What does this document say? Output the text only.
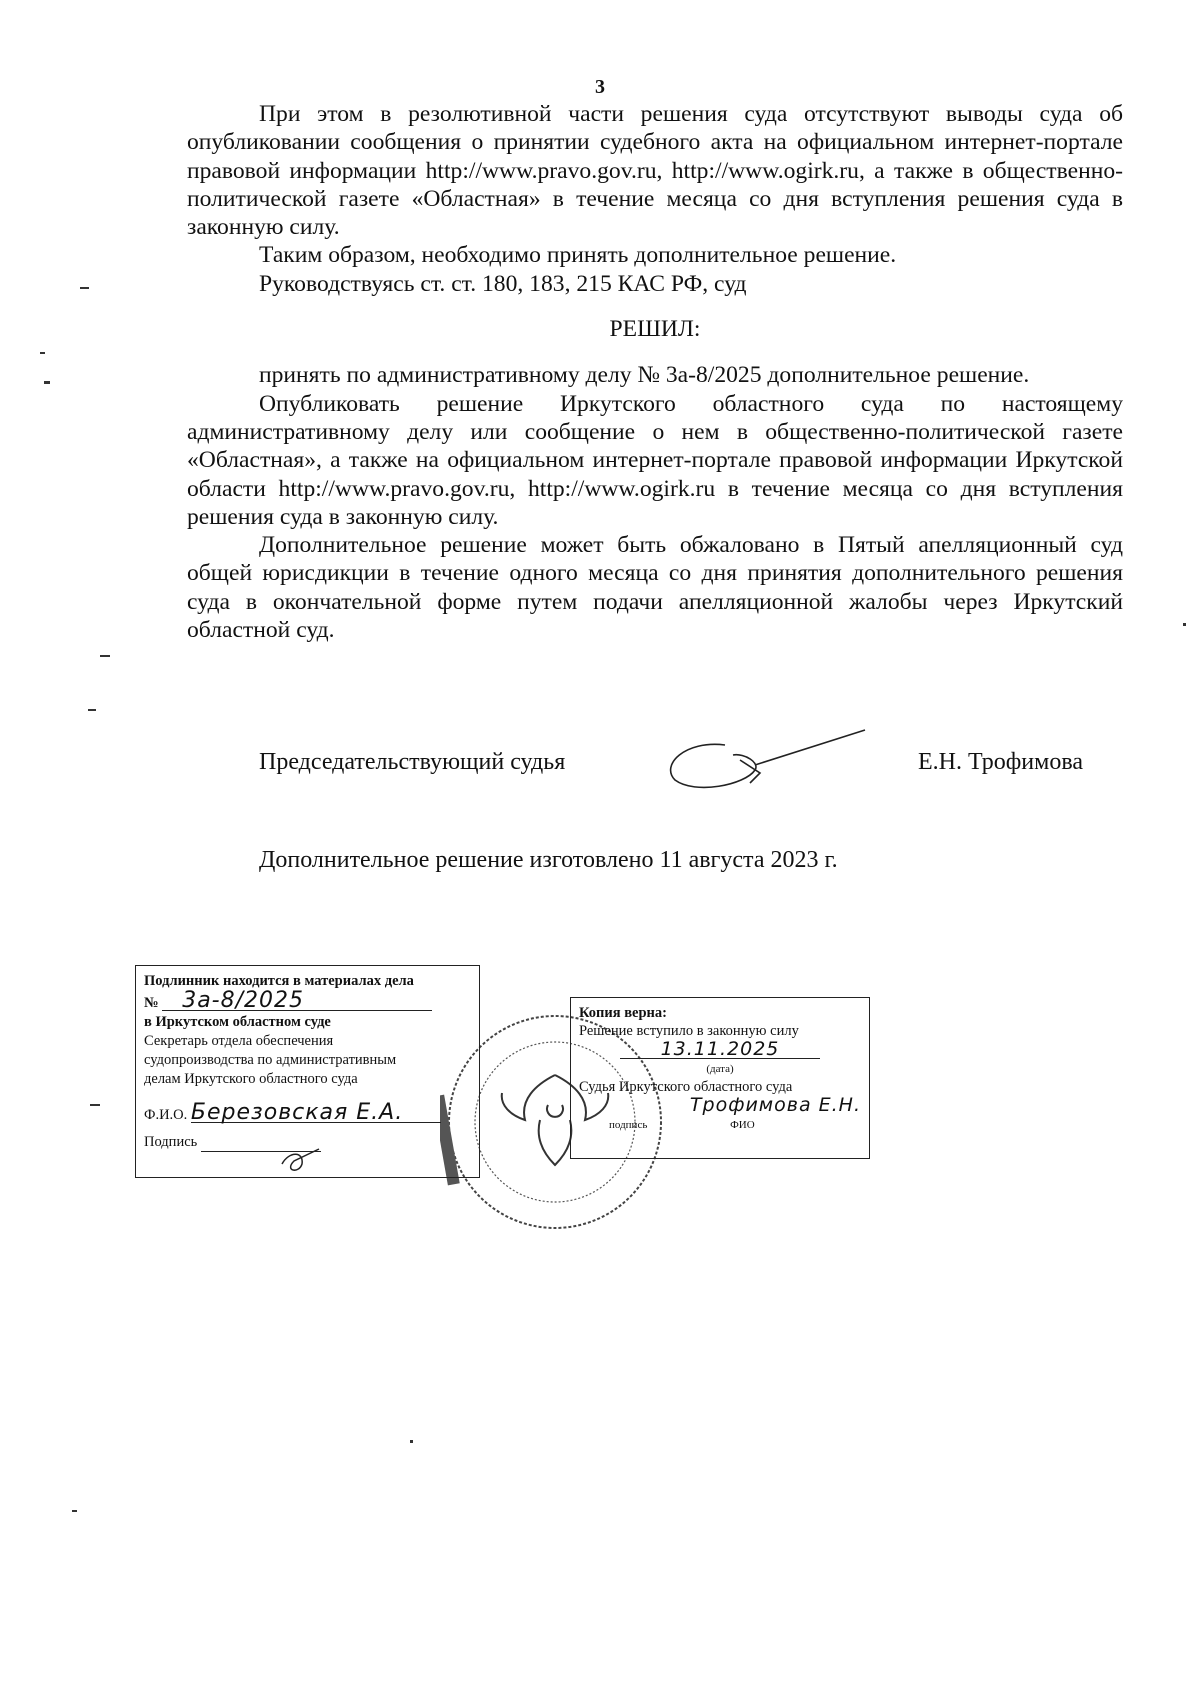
3

При этом в резолютивной части решения суда отсутствуют выводы суда об опубликовании сообщения о принятии судебного акта на официальном интернет-портале правовой информации http://www.pravo.gov.ru, http://www.ogirk.ru, а также в общественно-политической газете «Областная» в течение месяца со дня вступления решения суда в законную силу.

Таким образом, необходимо принять дополнительное решение.

Руководствуясь ст. ст. 180, 183, 215 КАС РФ, суд

РЕШИЛ:

принять по административному делу № 3а-8/2025 дополнительное решение.

Опубликовать решение Иркутского областного суда по настоящему административному делу или сообщение о нем в общественно-политической газете «Областная», а также на официальном интернет-портале правовой информации Иркутской области http://www.pravo.gov.ru, http://www.ogirk.ru в течение месяца со дня вступления решения суда в законную силу.

Дополнительное решение может быть обжаловано в Пятый апелляционный суд общей юрисдикции в течение одного месяца со дня принятия дополнительного решения суда в окончательной форме путем подачи апелляционной жалобы через Иркутский областной суд.

Председательствующий судья	Е.Н. Трофимова
Дополнительное решение изготовлено 11 августа 2023 г.
Подлинник находится в материалах дела
№ 3а-8/2025
в Иркутском областном суде
Секретарь отдела обеспечения
судопроизводства по административным
делам Иркутского областного суда
Ф.И.О. Березовская Е.А.
Подпись
Копия верна:
Решение вступило в законную силу
13.11.2025
(дата)
Судья Иркутского областного суда
Трофимова Е.Н.
подпись	ФИО
